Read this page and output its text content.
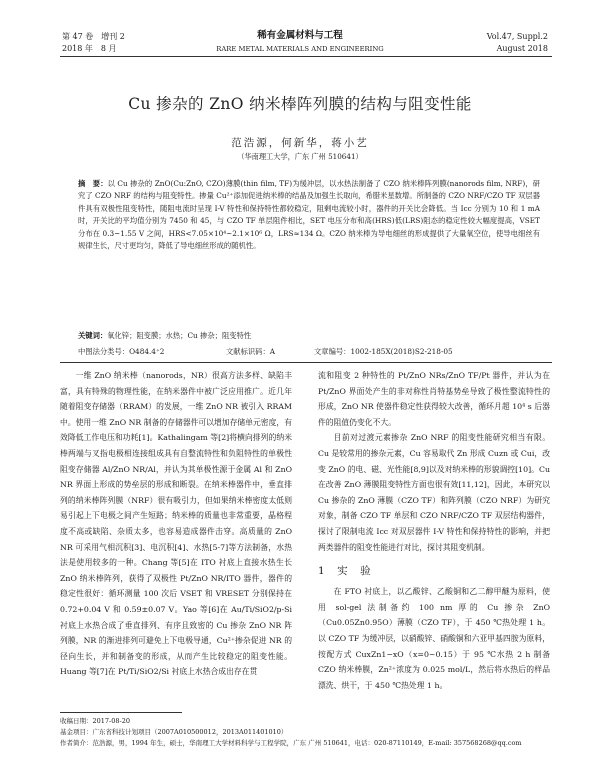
第 47 卷　增刊 2
2018 年　8 月
稀有金属材料与工程
RARE METAL MATERIALS AND ENGINEERING
Vol.47, Suppl.2
August 2018
Cu 掺杂的 ZnO 纳米棒阵列膜的结构与阻变性能
范浩源，何新华，蒋小艺
（华南理工大学，广东 广州 510641）

摘　要：以 Cu 掺杂的 ZnO(Cu:ZnO, CZO)薄膜(thin film, TF)为缓冲层，以水热法制备了 CZO 纳米棒阵列膜(nanorods film, NRF)，研究了 CZO NRF 的结构与阻变特性。掺量 Cu²⁺添加促进纳米棒的结晶及加强生长取向，希腊米星数增。所制备的 CZO NRF/CZO TF 双层器件具有双极性阻变特性，随阻电流时呈现 I-V 特性和保持特性都较稳定，阻剩电流较小时，器件的开关比会降低。当 Icc 分别为 10 和 1 mA 时，开关比的平均值分别为 7450 和 45，与 CZO TF 单层阻件相比，SET 电压分布和高(HRS)低(LRS)阻态的稳定性较大幅度提高，VSET 分布在 0.3~1.55 V 之间，HRS<7.05×10⁴~2.1×10⁶ Ω，LRS≈134 Ω。CZO 纳米棒为导电细丝的形成提供了大量氧空位，使导电细丝有规律生长，尺寸更均匀，降低了导电细丝形成的随机性。

关键词：氧化锌；阻变膜；水热；Cu 掺杂；阻变特性
中图法分类号：O484.4⁺2	文献标识码：A	文章编号：1002-185X(2018)S2-218-05

一维 ZnO 纳米棒（nanorods，NR）很高方法多样、缺陷丰富，具有特殊的物理性能，在纳米器件中被广泛应用推广。近几年随着阻变存储器（RRAM）的发展，一维 ZnO NR 被引入 RRAM 中。使用一维 ZnO NR 制备的存储器件可以增加存储单元密度，有效降低工作电压和功耗[1]。Kathalingam 等[2]将横向排列的纳米棒两端与叉指电极相连接组成具有自整流特性和负阻特性的单极性阻变存储器 Al/ZnO NR/Al，并认为其单极性源于金属 Al 和 ZnO NR 界面上形成的势垒层的形成和断裂。在纳米棒器件中，垂直排列的纳米棒阵列膜（NRF）很有吸引力，但如果纳米棒密度太低则易引起上下电极之间产生短路；纳米棒的质量也非常重要，晶格程度不高或缺陷、杂质太多，也容易造成器件击穿。高质量的 ZnO NR 可采用气相沉积[3]、电沉积[4]、水热[5-7]等方法制备，水热法是使用较多的一种。Chang 等[5]在 ITO 衬底上直接水热生长 ZnO 纳米棒阵列，获得了双极性 Pt/ZnO NR/ITO 器件，器件的稳定性很好：循环测量 100 次后 VSET 和 VRESET 分别保持在 0.72+0.04 V 和 0.59±0.07 V。Yao 等[6]在 Au/Ti/SiO2/p-Si 衬底上水热合成了垂直排列、有序且致密的 Cu 掺杂 ZnO NR 阵列膜，NR 的渐进排列可避免上下电极导通，Cu²⁺掺杂促进 NR 的径向生长，并和制备变的形成，从而产生比较稳定的阻变性能。Huang 等[7]在 Pt/Ti/SiO2/Si 衬底上水热合成出存在贯

流和阻变 2 种特性的 Pt/ZnO NRs/ZnO TF/Pt 器件，并认为在 Pt/ZnO 界面处产生的非对称性肖特基势垒导致了极性整流特性的形成，ZnO NR 使器件稳定性获得较大改善，循环月超 10⁴ s 后器件的阻值仍变化不大。

目前对过渡元素掺杂 ZnO NRF 的阻变性能研究相当有限。Cu 是较常用的掺杂元素，Cu 容易取代 Zn 形成 Cuzn 或 Cui，改变 ZnO 的电、磁、光性能[8,9]以及对纳米棒的形貌调控[10]。Cu 在改善 ZnO 薄膜阻变特性方面也很有效[11,12]，因此，本研究以 Cu 掺杂的 ZnO 薄膜（CZO TF）和阵列膜（CZO NRF）为研究对象，制备 CZO TF 单层和 CZO NRF/CZO TF 双层结构器件，探讨了限制电流 Icc 对双层器件 I-V 特性和保持特性的影响，并把两类器件的阻变性能进行对比，探讨其阻变机制。

1　实　验

在 FTO 衬底上，以乙酸锌、乙酸铜和乙二醇甲醚为原料，使用 sol-gel 法制备约 100 nm 厚的 Cu 掺杂 ZnO（Cu0.05Zn0.95O）薄膜（CZO TF），于 450 ℃热处理 1 h。以 CZO TF 为缓冲层，以硝酸锌、硝酸铜和六亚甲基四胺为原料，按配方式 CuxZn1−xO（x=0~0.15）于 95 ℃水热 2 h 制备 CZO 纳米棒膜，Zn²⁺浓度为 0.025 mol/L，然后将水热后的样品漂洗、烘干，于 450 ℃热处理 1 h。

收稿日期：2017-08-20
基金项目：广东省科技计划项目（2007A010500012，2013A011401010）
作者简介：范浩源，男，1994 年生，硕士，华南理工大学材料科学与工程学院，广东 广州 510641，电话：020-87110149，E-mail: 357568268@qq.com
